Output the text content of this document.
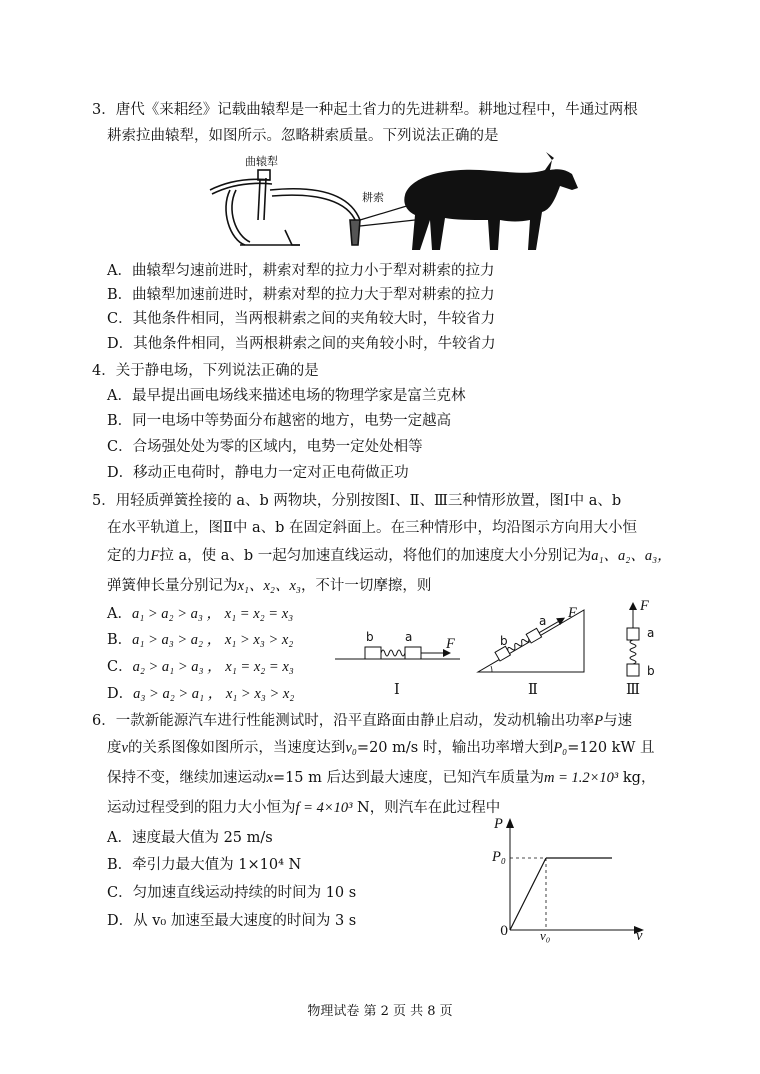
3．唐代《来耜经》记载曲辕犁是一种起土省力的先进耕犁。耕地过程中，牛通过两根
耕索拉曲辕犁，如图所示。忽略耕索质量。下列说法正确的是
曲辕犁
耕索
A．曲辕犁匀速前进时，耕索对犁的拉力小于犁对耕索的拉力
B．曲辕犁加速前进时，耕索对犁的拉力大于犁对耕索的拉力
C．其他条件相同，当两根耕索之间的夹角较大时，牛较省力
D．其他条件相同，当两根耕索之间的夹角较小时，牛较省力
4．关于静电场，下列说法正确的是
A．最早提出画电场线来描述电场的物理学家是富兰克林
B．同一电场中等势面分布越密的地方，电势一定越高
C．合场强处处为零的区域内，电势一定处处相等
D．移动正电荷时，静电力一定对正电荷做正功
5．用轻质弹簧拴接的 a、b 两物块，分别按图Ⅰ、Ⅱ、Ⅲ三种情形放置，图Ⅰ中 a、b
在水平轨道上，图Ⅱ中 a、b 在固定斜面上。在三种情形中，均沿图示方向用大小恒
定的力F拉 a，使 a、b 一起匀加速直线运动，将他们的加速度大小分别记为a₁、a₂、a₃，
弹簧伸长量分别记为x₁、x₂、x₃，不计一切摩擦，则
A．a₁ > a₂ > a₃ ， x₁ = x₂ = x₃
B．a₁ > a₃ > a₂ ， x₁ > x₃ > x₂
C．a₂ > a₁ > a₃ ， x₁ = x₂ = x₃
D．a₃ > a₂ > a₁ ， x₁ > x₃ > x₂
b	a F
Ⅰ
b
a F
Ⅱ
F
a
b
Ⅲ
6．一款新能源汽车进行性能测试时，沿平直路面由静止启动，发动机输出功率P与速
度v的关系图像如图所示，当速度达到v₀=20 m/s 时，输出功率增大到P₀=120 kW 且
保持不变，继续加速运动x=15 m 后达到最大速度，已知汽车质量为m = 1.2×10³ kg，
运动过程受到的阻力大小恒为f = 4×10³ N，则汽车在此过程中
A．速度最大值为 25 m/s
B．牵引力最大值为 1×10⁴ N
C．匀加速直线运动持续的时间为 10 s
D．从 v₀ 加速至最大速度的时间为 3 s
P
P₀
0 v₀	v
物理试卷 第 2 页 共 8 页
